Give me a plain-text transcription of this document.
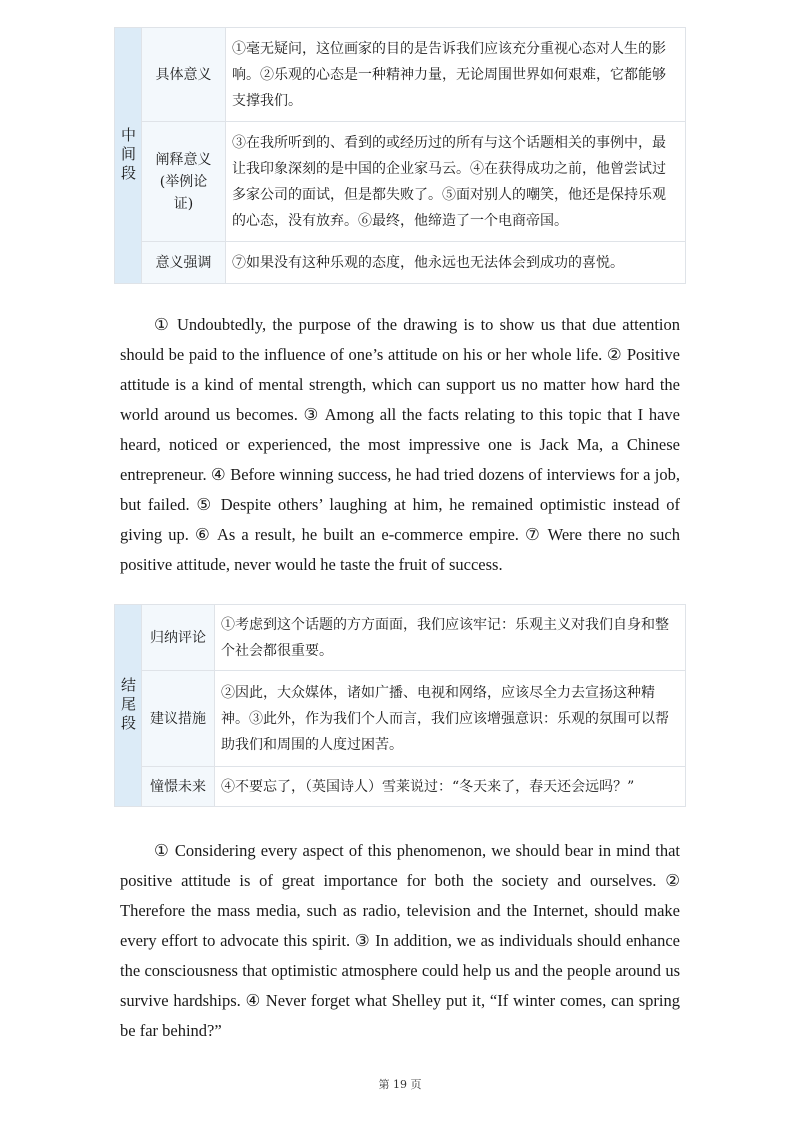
中间段	具体意义	①毫无疑问，这位画家的目的是告诉我们应该充分重视心态对人生的影响。②乐观的心态是一种精神力量，无论周围世界如何艰难，它都能够支撑我们。
	阐释意义(举例论证)	③在我所听到的、看到的或经历过的所有与这个话题相关的事例中，最让我印象深刻的是中国的企业家马云。④在获得成功之前，他曾尝试过多家公司的面试，但是都失败了。⑤面对别人的嘲笑，他还是保持乐观的心态，没有放弃。⑥最终，他缔造了一个电商帝国。
	意义强调	⑦如果没有这种乐观的态度，他永远也无法体会到成功的喜悦。

① Undoubtedly, the purpose of the drawing is to show us that due attention should be paid to the influence of one’s attitude on his or her whole life. ② Positive attitude is a kind of mental strength, which can support us no matter how hard the world around us becomes. ③ Among all the facts relating to this topic that I have heard, noticed or experienced, the most impressive one is Jack Ma, a Chinese entrepreneur. ④ Before winning success, he had tried dozens of interviews for a job, but failed. ⑤ Despite others’ laughing at him, he remained optimistic instead of giving up. ⑥ As a result, he built an e-commerce empire. ⑦ Were there no such positive attitude, never would he taste the fruit of success.

结尾段	归纳评论	①考虑到这个话题的方方面面，我们应该牢记：乐观主义对我们自身和整个社会都很重要。
	建议措施	②因此，大众媒体，诸如广播、电视和网络，应该尽全力去宣扬这种精神。③此外，作为我们个人而言，我们应该增强意识：乐观的氛围可以帮助我们和周围的人度过困苦。
	憧憬未来	④不要忘了，（英国诗人）雪莱说过：“冬天来了，春天还会远吗？”

① Considering every aspect of this phenomenon, we should bear in mind that positive attitude is of great importance for both the society and ourselves. ② Therefore the mass media, such as radio, television and the Internet, should make every effort to advocate this spirit. ③ In addition, we as individuals should enhance the consciousness that optimistic atmosphere could help us and the people around us survive hardships. ④ Never forget what Shelley put it, “If winter comes, can spring be far behind?”

第 19 页
